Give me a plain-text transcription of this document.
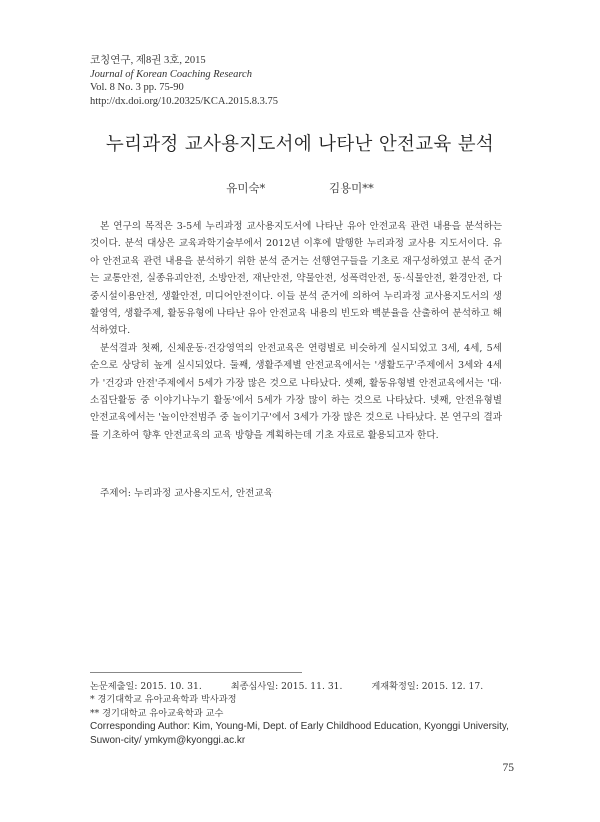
코칭연구, 제8권 3호, 2015
Journal of Korean Coaching Research
Vol. 8 No. 3 pp. 75-90
http://dx.doi.org/10.20325/KCA.2015.8.3.75
누리과정 교사용지도서에 나타난 안전교육 분석
유미숙*	김용미**

본 연구의 목적은 3-5세 누리과정 교사용지도서에 나타난 유아 안전교육 관련 내용을 분석하는 것이다. 분석 대상은 교육과학기술부에서 2012년 이후에 발행한 누리과정 교사용 지도서이다. 유아 안전교육 관련 내용을 분석하기 위한 분석 준거는 선행연구들을 기초로 재구성하였고 분석 준거는 교통안전, 실종유괴안전, 소방안전, 재난안전, 약물안전, 성폭력안전, 동·식물안전, 환경안전, 다중시설이용안전, 생활안전, 미디어안전이다. 이들 분석 준거에 의하여 누리과정 교사용지도서의 생활영역, 생활주제, 활동유형에 나타난 유아 안전교육 내용의 빈도와 백분율을 산출하여 분석하고 해석하였다.

분석결과 첫째, 신체운동·건강영역의 안전교육은 연령별로 비슷하게 실시되었고 3세, 4세, 5세 순으로 상당히 높게 실시되었다. 둘째, 생활주제별 안전교육에서는 '생활도구'주제에서 3세와 4세가 '건강과 안전'주제에서 5세가 가장 많은 것으로 나타났다. 셋째, 활동유형별 안전교육에서는 '대·소집단활동 중 이야기나누기 활동'에서 5세가 가장 많이 하는 것으로 나타났다. 넷째, 안전유형별 안전교육에서는 '놀이안전범주 중 놀이기구'에서 3세가 가장 많은 것으로 나타났다. 본 연구의 결과를 기초하여 향후 안전교육의 교육 방향을 계획하는데 기초 자료로 활용되고자 한다.

주제어: 누리과정 교사용지도서, 안전교육
논문제출일: 2015. 10. 31.	최종심사일: 2015. 11. 31.	게재확정일: 2015. 12. 17.
* 경기대학교 유아교육학과 박사과정
** 경기대학교 유아교육학과 교수
Corresponding Author: Kim, Young-Mi, Dept. of Early Childhood Education, Kyonggi University,
Suwon-city/ ymkym@kyonggi.ac.kr
75
